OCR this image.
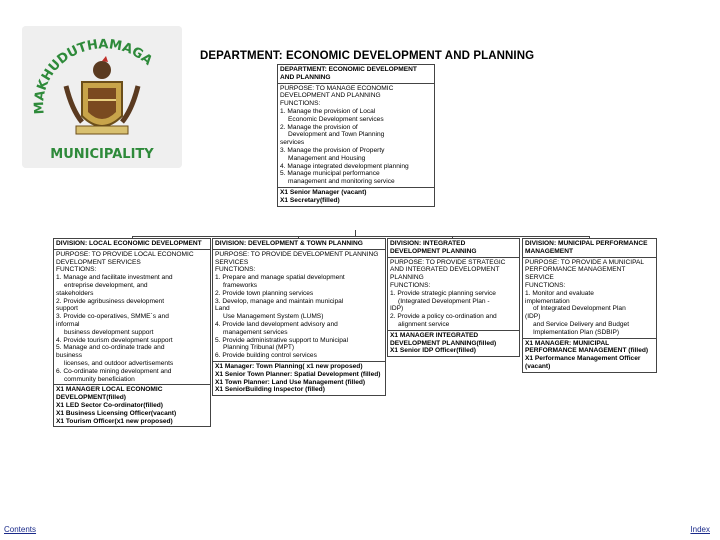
MAKHUDUTHAMAGA
MUNICIPALITY
DEPARTMENT: ECONOMIC DEVELOPMENT AND PLANNING
DEPARTMENT: ECONOMIC DEVELOPMENT AND PLANNING
PURPOSE: TO MANAGE ECONOMIC DEVELOPMENT AND PLANNING
FUNCTIONS:
1. Manage the provision of Local
Economic Development services
2. Manage the provision of
Development and Town Planning
services
3. Manage the provision of Property
Management and Housing
4. Manage integrated development planning
5. Manage municipal performance
management and monitoring service
X1 Senior Manager (vacant)
X1 Secretary(filled)
DIVISION: LOCAL ECONOMIC DEVELOPMENT
PURPOSE: TO PROVIDE LOCAL ECONOMIC DEVELOPMENT SERVICES
FUNCTIONS:
1. Manage and facilitate investment and
entreprise development, and
stakeholders
2. Provide agribusiness development
support
3. Provide co-operatives, SMME`s and
informal
business development support
4. Provide tourism development support
5. Manage and co-ordinate trade and
business
licenses, and outdoor advertisements
6. Co-ordinate mining development and
community beneficiation
X1 MANAGER LOCAL ECONOMIC DEVELOPMENT(filled)
X1 LED Sector Co-ordinator(filled)
X1 Business Licensing Officer(vacant)
X1 Tourism Officer(x1 new proposed)
DIVISION: DEVELOPMENT & TOWN PLANNING
PURPOSE: TO PROVIDE DEVELOPMENT PLANNING SERVICES
FUNCTIONS:
1. Prepare and manage spatial development
frameworks
2. Provide town planning services
3. Develop, manage and maintain municipal
Land
Use Management System (LUMS)
4. Provide land development advisory and
management services
5. Provide administrative support to Municipal
Planning Tribunal (MPT)
6. Provide building control services
X1 Manager: Town Planning( x1 new proposed)
X1 Senior Town Planner: Spatial Development (filled)
X1 Town Planner: Land Use Management (filled)
X1 SeniorBuilding Inspector (filled)
DIVISION: INTEGRATED DEVELOPMENT PLANNING
PURPOSE: TO PROVIDE STRATEGIC AND INTEGRATED DEVELOPMENT PLANNING
FUNCTIONS:
1. Provide strategic planning service
(Integrated Development Plan -
IDP)
2. Provide a policy co-ordination and
alignment service
X1 MANAGER INTEGRATED DEVELOPMENT PLANNING(filled)
X1 Senior IDP Officer(filled)
DIVISION: MUNICIPAL PERFORMANCE MANAGEMENT
PURPOSE: TO PROVIDE A MUNICIPAL PERFORMANCE MANAGEMENT SERVICE
FUNCTIONS:
1. Monitor and evaluate
implementation
of Integrated Development Plan
(IDP)
and Service Delivery and Budget
Implementation Plan (SDBIP)
X1 MANAGER: MUNICIPAL PERFORMANCE MANAGEMENT (filled)
X1 Performance Management Officer (vacant)
Contents	Index
